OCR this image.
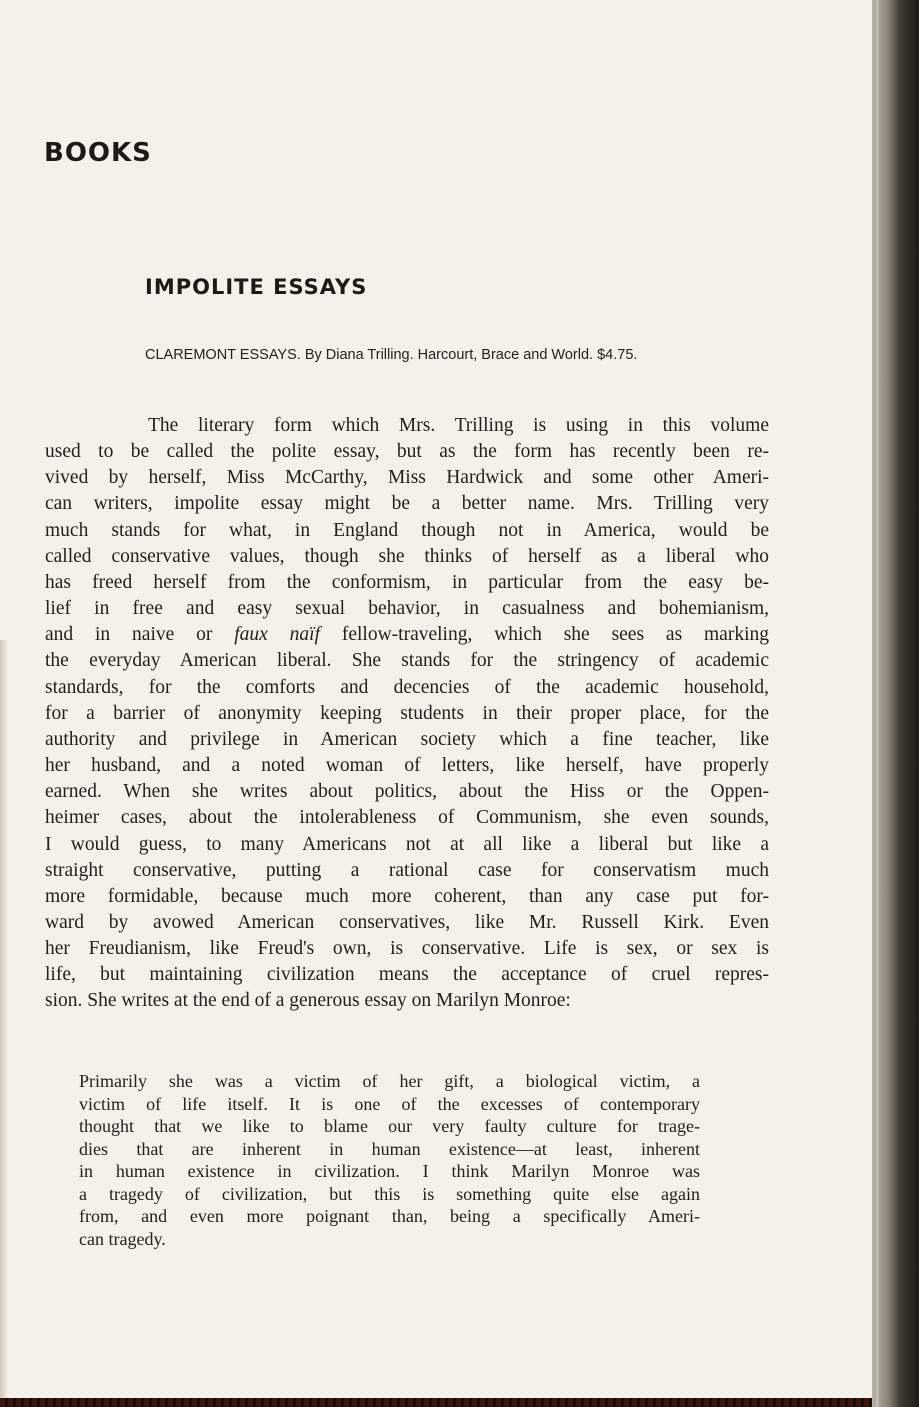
BOOKS
IMPOLITE ESSAYS

CLAREMONT ESSAYS. By Diana Trilling. Harcourt, Brace and World. $4.75.

The literary form which Mrs. Trilling is using in this volume
used to be called the polite essay, but as the form has recently been re-
vived by herself, Miss McCarthy, Miss Hardwick and some other Ameri-
can writers, impolite essay might be a better name. Mrs. Trilling very
much stands for what, in England though not in America, would be
called conservative values, though she thinks of herself as a liberal who
has freed herself from the conformism, in particular from the easy be-
lief in free and easy sexual behavior, in casualness and bohemianism,
and in naive or faux naïf fellow-traveling, which she sees as marking
the everyday American liberal. She stands for the stringency of academic
standards, for the comforts and decencies of the academic household,
for a barrier of anonymity keeping students in their proper place, for the
authority and privilege in American society which a fine teacher, like
her husband, and a noted woman of letters, like herself, have properly
earned. When she writes about politics, about the Hiss or the Oppen-
heimer cases, about the intolerableness of Communism, she even sounds,
I would guess, to many Americans not at all like a liberal but like a
straight conservative, putting a rational case for conservatism much
more formidable, because much more coherent, than any case put for-
ward by avowed American conservatives, like Mr. Russell Kirk. Even
her Freudianism, like Freud's own, is conservative. Life is sex, or sex is
life, but maintaining civilization means the acceptance of cruel repres-
sion. She writes at the end of a generous essay on Marilyn Monroe:
Primarily she was a victim of her gift, a biological victim, a
victim of life itself. It is one of the excesses of contemporary
thought that we like to blame our very faulty culture for trage-
dies that are inherent in human existence—at least, inherent
in human existence in civilization. I think Marilyn Monroe was
a tragedy of civilization, but this is something quite else again
from, and even more poignant than, being a specifically Ameri-
can tragedy.
